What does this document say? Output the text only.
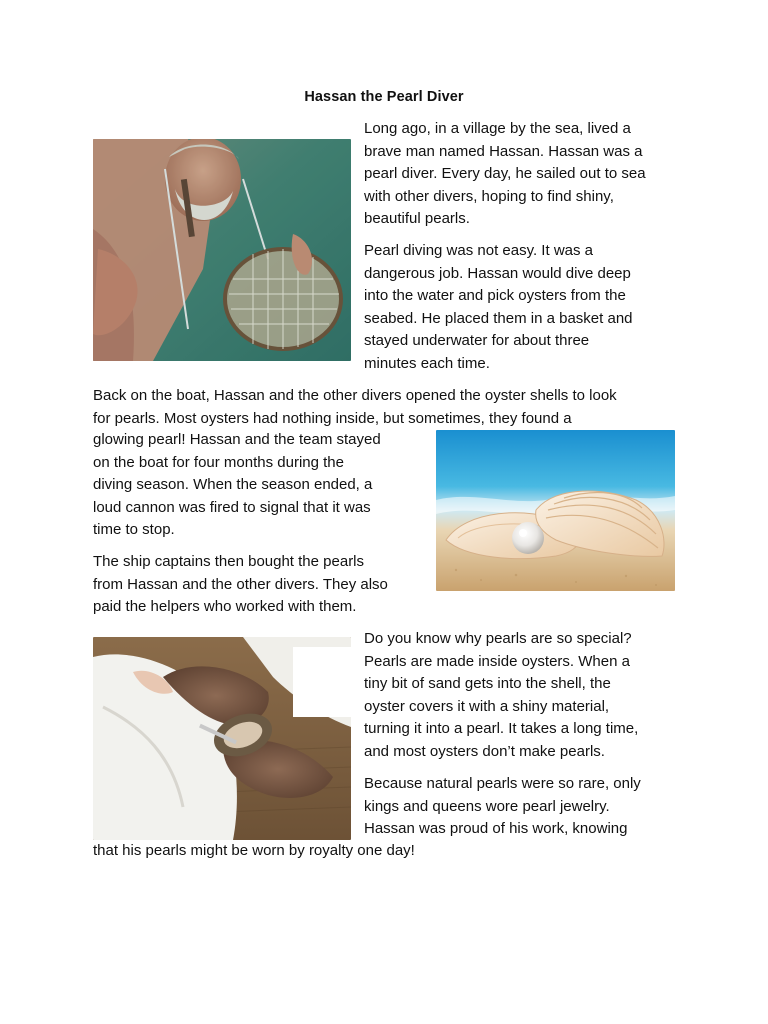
Hassan the Pearl Diver

Long ago, in a village by the sea, lived a
brave man named Hassan. Hassan was a
pearl diver. Every day, he sailed out to sea
with other divers, hoping to find shiny,
beautiful pearls.

Pearl diving was not easy. It was a
dangerous job. Hassan would dive deep
into the water and pick oysters from the
seabed. He placed them in a basket and
stayed underwater for about three
minutes each time.

Back on the boat, Hassan and the other divers opened the oyster shells to look
for pearls. Most oysters had nothing inside, but sometimes, they found a

glowing pearl! Hassan and the team stayed
on the boat for four months during the
diving season. When the season ended, a
loud cannon was fired to signal that it was
time to stop.

The ship captains then bought the pearls
from Hassan and the other divers. They also
paid the helpers who worked with them.

Do you know why pearls are so special?
Pearls are made inside oysters. When a
tiny bit of sand gets into the shell, the
oyster covers it with a shiny material,
turning it into a pearl. It takes a long time,
and most oysters don’t make pearls.

Because natural pearls were so rare, only
kings and queens wore pearl jewelry.
Hassan was proud of his work, knowing

that his pearls might be worn by royalty one day!
